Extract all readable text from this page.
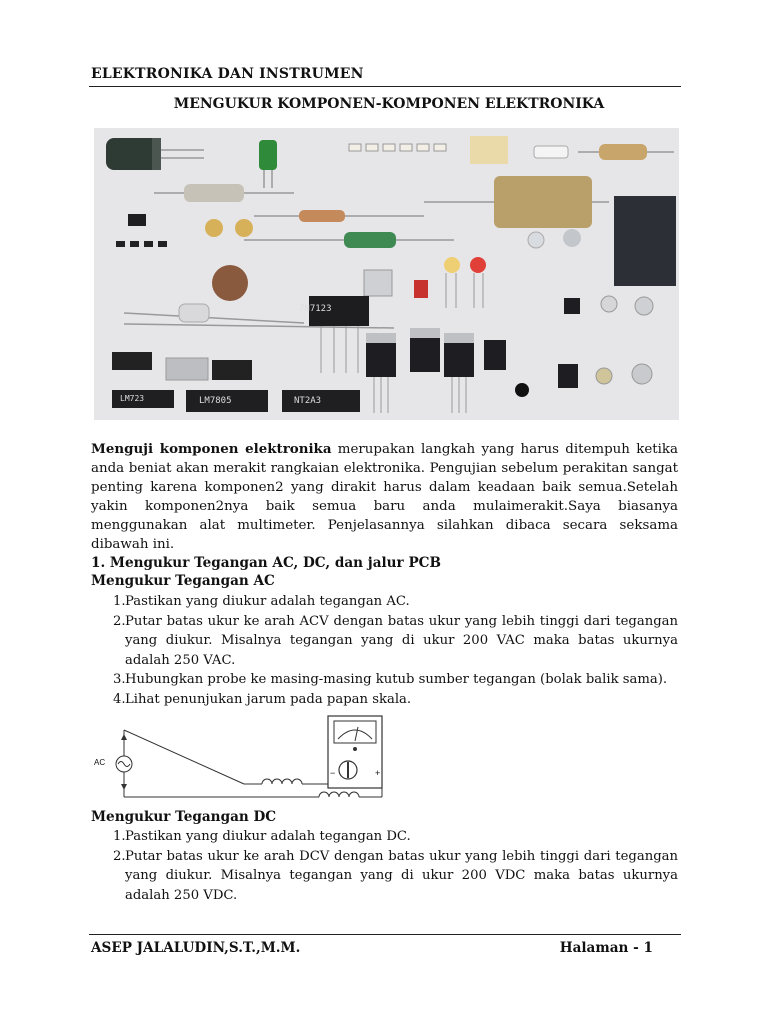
ELEKTRONIKA DAN INSTRUMEN
MENGUKUR KOMPONEN-KOMPONEN ELEKTRONIKA
7N7123
LM7805	NT2A3
LM723
Menguji komponen elektronika merupakan langkah yang harus ditempuh ketika anda beniat akan merakit rangkaian elektronika. Pengujian sebelum perakitan sangat penting karena komponen2 yang dirakit harus dalam keadaan baik semua.Setelah yakin komponen2nya baik semua baru anda mulaimerakit.Saya biasanya menggunakan alat multimeter. Penjelasannya silahkan dibaca secara seksama dibawah ini.
1. Mengukur Tegangan AC, DC, dan jalur PCB
Mengukur Tegangan AC
1. Pastikan yang diukur adalah tegangan AC.
2. Putar batas ukur ke arah ACV dengan batas ukur yang lebih tinggi dari tegangan yang diukur. Misalnya tegangan yang di ukur 200 VAC maka batas ukurnya adalah 250 VAC.
3. Hubungkan probe ke masing-masing kutub sumber tegangan (bolak balik sama).
4. Lihat penunjukan jarum pada papan skala.
AC
−	+
Mengukur Tegangan DC
1. Pastikan yang diukur adalah tegangan DC.
2. Putar batas ukur ke arah DCV dengan batas ukur yang lebih tinggi dari tegangan yang diukur. Misalnya tegangan yang di ukur 200 VDC maka batas ukurnya adalah 250 VDC.
ASEP JALALUDIN,S.T.,M.M.	Halaman - 1
